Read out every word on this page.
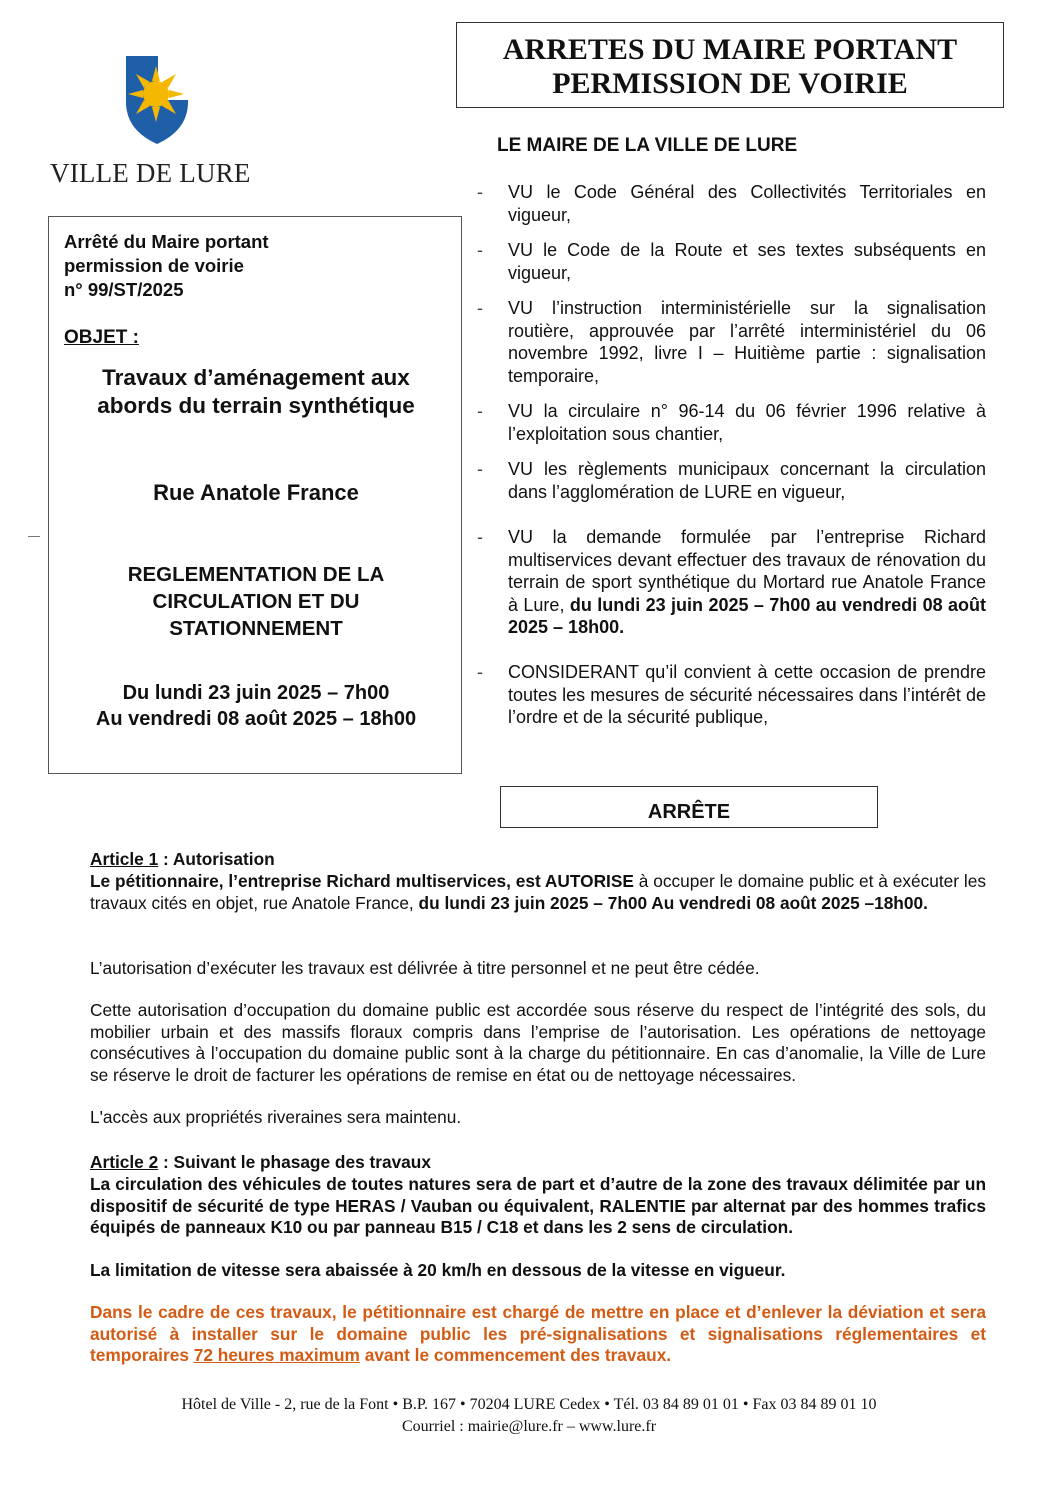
VILLE DE LURE
ARRETES DU MAIRE PORTANT
PERMISSION DE VOIRIE
Arrêté du Maire portant
permission de voirie
n° 99/ST/2025
OBJET :
Travaux d’aménagement aux
abords du terrain synthétique
Rue Anatole France
REGLEMENTATION DE LA
CIRCULATION ET DU
STATIONNEMENT
Du lundi 23 juin 2025 – 7h00
Au vendredi 08 août 2025 – 18h00
LE MAIRE DE LA VILLE DE LURE
- VU le Code Général des Collectivités Territoriales en vigueur,
- VU le Code de la Route et ses textes subséquents en vigueur,
- VU l’instruction interministérielle sur la signalisation routière, approuvée par l’arrêté interministériel du 06 novembre 1992, livre I – Huitième partie : signalisation temporaire,
- VU la circulaire n° 96-14 du 06 février 1996 relative à l’exploitation sous chantier,
- VU les règlements municipaux concernant la circulation dans l’agglomération de LURE en vigueur,
- VU la demande formulée par l’entreprise Richard multiservices devant effectuer des travaux de rénovation du terrain de sport synthétique du Mortard rue Anatole France à Lure, du lundi 23 juin 2025 – 7h00 au vendredi 08 août 2025 – 18h00.
- CONSIDERANT qu’il convient à cette occasion de prendre toutes les mesures de sécurité nécessaires dans l’intérêt de l’ordre et de la sécurité publique,
ARRÊTE
Article 1 : Autorisation
Le pétitionnaire, l’entreprise Richard multiservices, est AUTORISE à occuper le domaine public et à exécuter les travaux cités en objet, rue Anatole France, du lundi 23 juin 2025 – 7h00 Au vendredi 08 août 2025 –18h00.
L’autorisation d’exécuter les travaux est délivrée à titre personnel et ne peut être cédée.
Cette autorisation d’occupation du domaine public est accordée sous réserve du respect de l’intégrité des sols, du mobilier urbain et des massifs floraux compris dans l’emprise de l’autorisation. Les opérations de nettoyage consécutives à l’occupation du domaine public sont à la charge du pétitionnaire. En cas d’anomalie, la Ville de Lure se réserve le droit de facturer les opérations de remise en état ou de nettoyage nécessaires.
L'accès aux propriétés riveraines sera maintenu.
Article 2 : Suivant le phasage des travaux
La circulation des véhicules de toutes natures sera de part et d’autre de la zone des travaux délimitée par un dispositif de sécurité de type HERAS / Vauban ou équivalent, RALENTIE par alternat par des hommes trafics équipés de panneaux K10 ou par panneau B15 / C18 et dans les 2 sens de circulation.
La limitation de vitesse sera abaissée à 20 km/h en dessous de la vitesse en vigueur.
Dans le cadre de ces travaux, le pétitionnaire est chargé de mettre en place et d’enlever la déviation et sera autorisé à installer sur le domaine public les pré-signalisations et signalisations réglementaires et temporaires 72 heures maximum avant le commencement des travaux.
Hôtel de Ville - 2, rue de la Font • B.P. 167 • 70204 LURE Cedex • Tél. 03 84 89 01 01 • Fax 03 84 89 01 10
Courriel : mairie@lure.fr – www.lure.fr
